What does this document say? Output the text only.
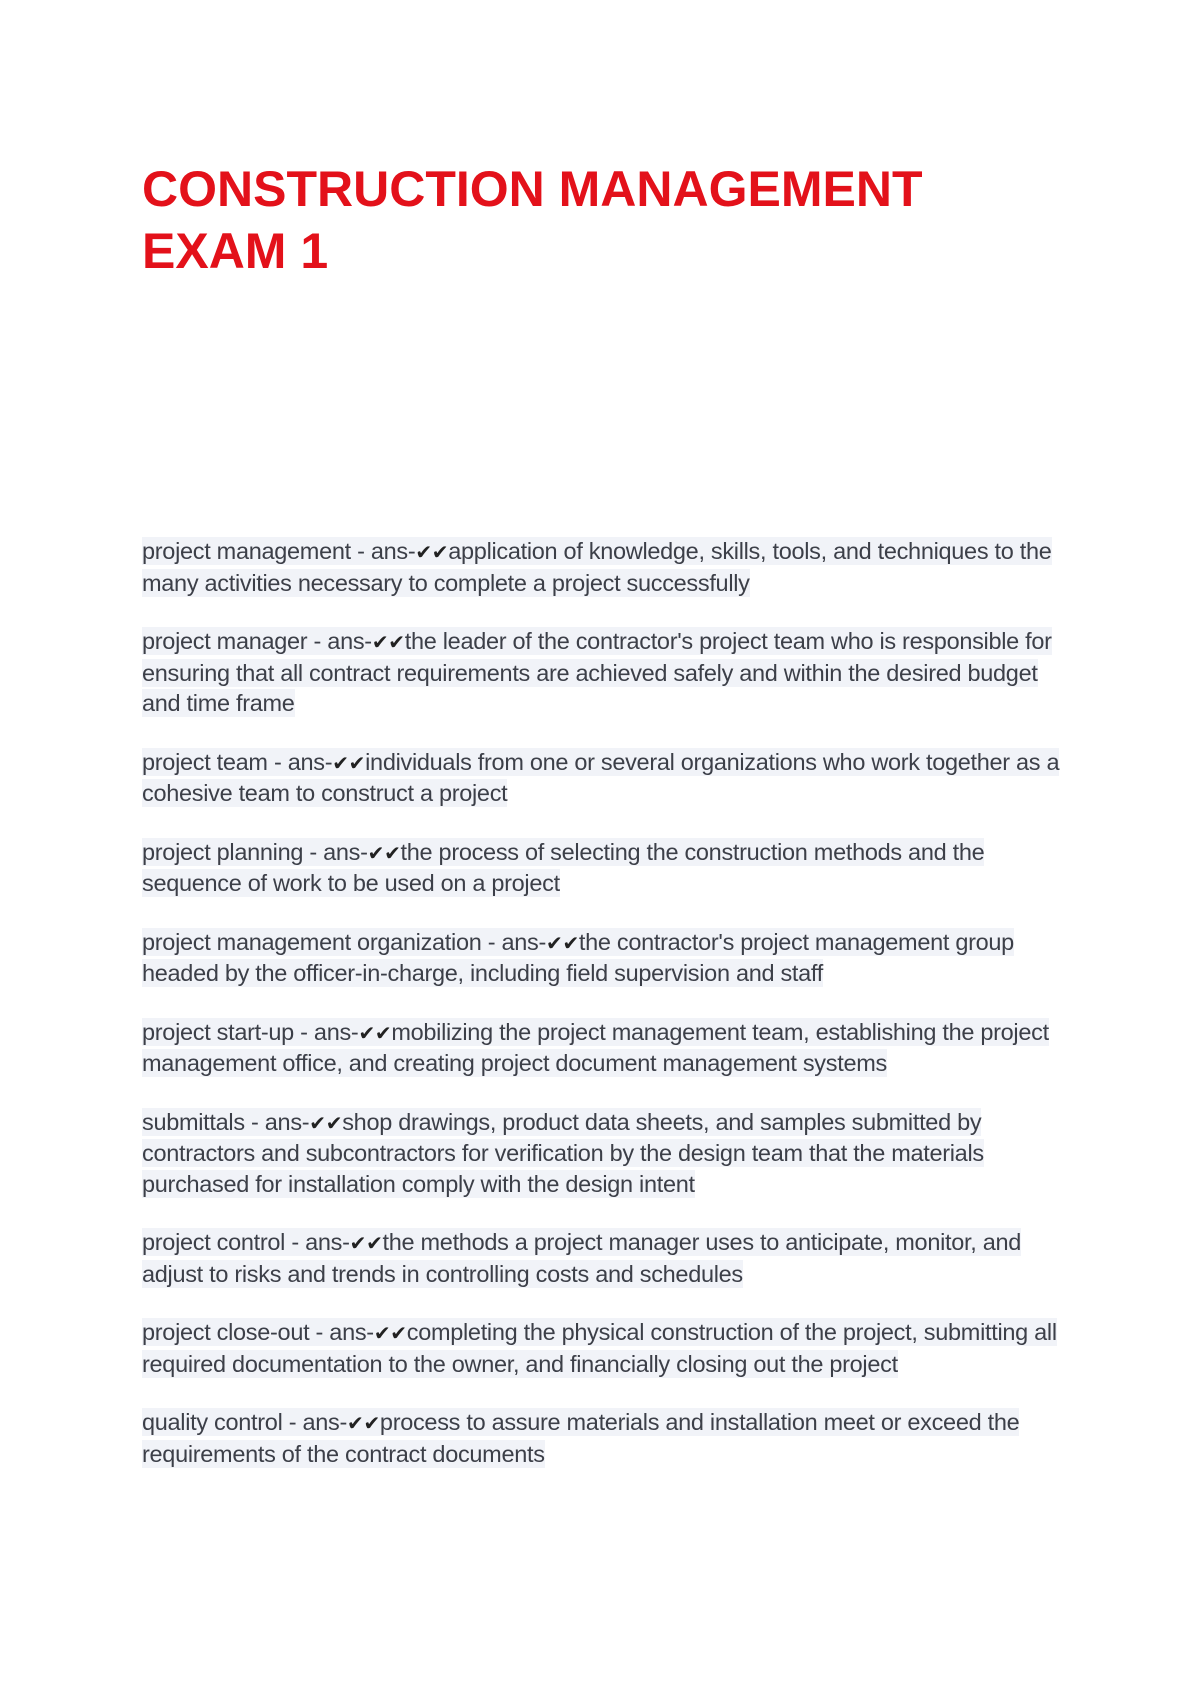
CONSTRUCTION MANAGEMENT
EXAM 1
project management - ans-✔✔application of knowledge, skills, tools, and techniques to the many activities necessary to complete a project successfully
project manager - ans-✔✔the leader of the contractor's project team who is responsible for ensuring that all contract requirements are achieved safely and within the desired budget and time frame
project team - ans-✔✔individuals from one or several organizations who work together as a cohesive team to construct a project
project planning - ans-✔✔the process of selecting the construction methods and the sequence of work to be used on a project
project management organization - ans-✔✔the contractor's project management group headed by the officer-in-charge, including field supervision and staff
project start-up - ans-✔✔mobilizing the project management team, establishing the project management office, and creating project document management systems
submittals - ans-✔✔shop drawings, product data sheets, and samples submitted by contractors and subcontractors for verification by the design team that the materials purchased for installation comply with the design intent
project control - ans-✔✔the methods a project manager uses to anticipate, monitor, and adjust to risks and trends in controlling costs and schedules
project close-out - ans-✔✔completing the physical construction of the project, submitting all required documentation to the owner, and financially closing out the project
quality control - ans-✔✔process to assure materials and installation meet or exceed the requirements of the contract documents
